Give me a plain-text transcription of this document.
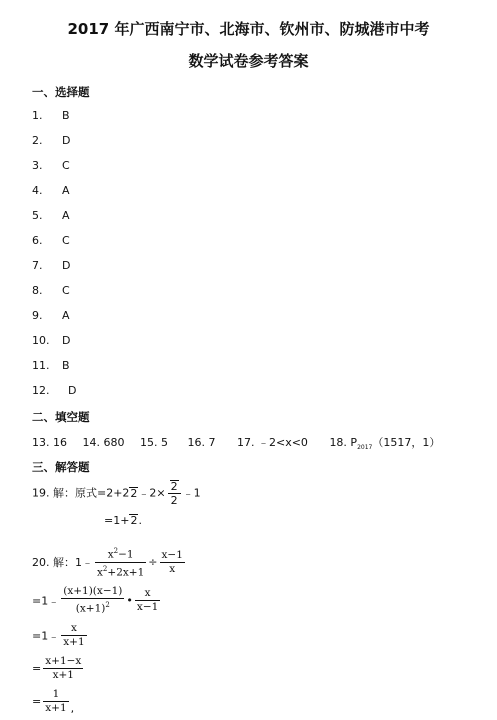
2017 年广西南宁市、北海市、钦州市、防城港市中考
数学试卷参考答案
一、选择题
1. B
2. D
3. C
4. A
5. A
6. C
7. D
8. C
9. A
10. D
11. B
12. D
二、填空题
13. 16 14. 680 15. 5 16. 7 17. ﹣2<x<0 18. $P_{2017}(1517$，1）
三、解答题
19. 解：原式=2+22﹣2× $\frac{2}{2}$ ﹣1
=1+2.
20. 解：1﹣ $\frac{x^2-1}{x^2+2x+1} \div \frac{x-1}{x}$
=1﹣ $\frac{(x+1)(x-1)}{(x+1)^2}$ • $\frac{x}{x-1}$
=1﹣ $\frac{x}{x+1}$
= $\frac{x+1-x}{x+1}$
= $\frac{1}{x+1}$ ,
